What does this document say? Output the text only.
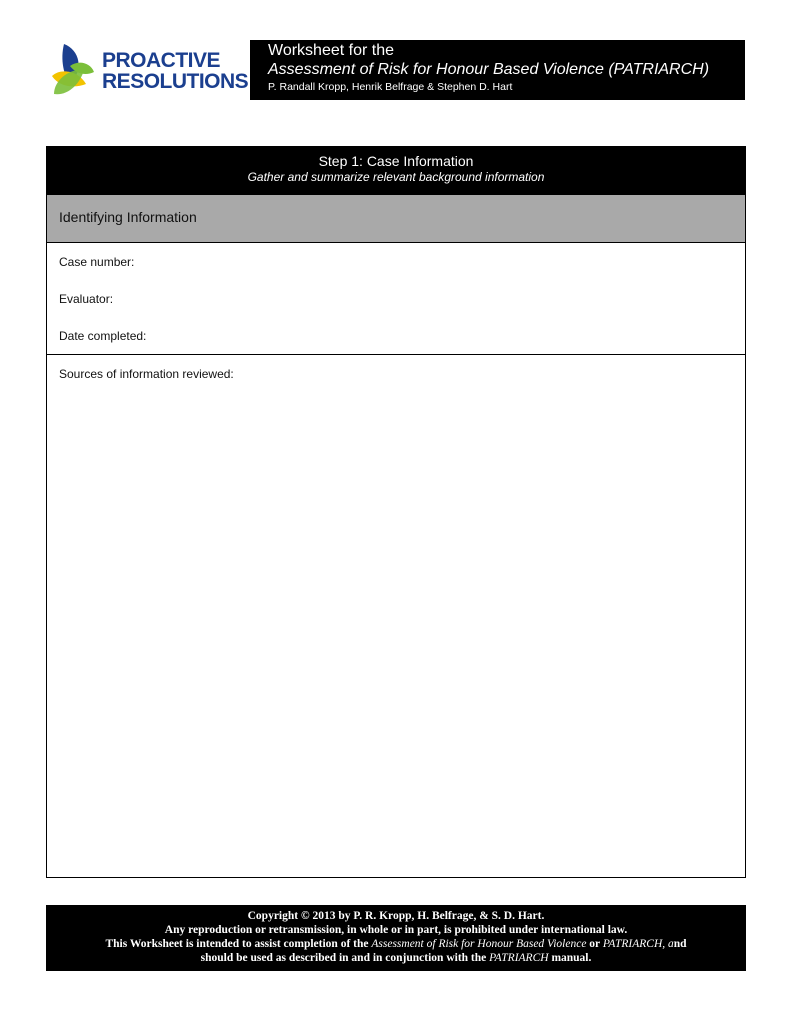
PROACTIVE
RESOLUTIONS
Worksheet for the
Assessment of Risk for Honour Based Violence (PATRIARCH)
P. Randall Kropp, Henrik Belfrage & Stephen D. Hart
Step 1: Case Information
Gather and summarize relevant background information
Identifying Information
Case number:
Evaluator:
Date completed:
Sources of information reviewed:
Copyright © 2013 by P. R. Kropp, H. Belfrage, & S. D. Hart.
Any reproduction or retransmission, in whole or in part, is prohibited under international law.
This Worksheet is intended to assist completion of the Assessment of Risk for Honour Based Violence or PATRIARCH, and
should be used as described in and in conjunction with the PATRIARCH manual.
